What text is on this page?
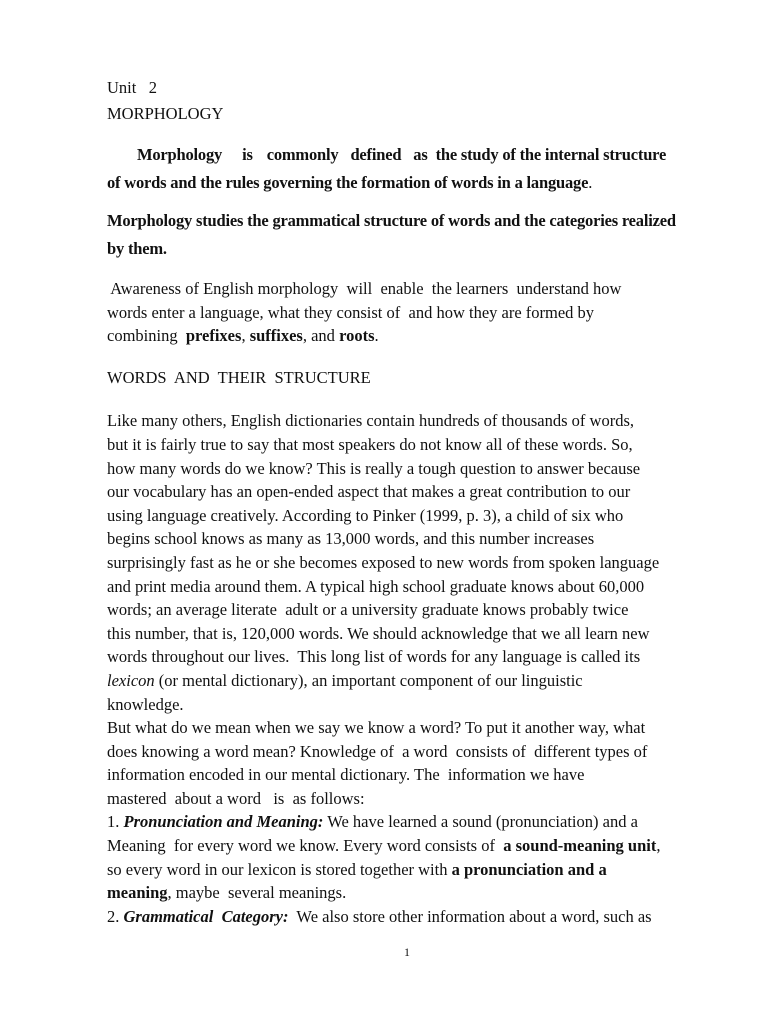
Unit   2
MORPHOLOGY
Morphology is commonly defined as the study of the internal structure
of words and the rules governing the formation of words in a language.
Morphology studies the grammatical structure of words and the categories realized
by them.
Awareness of English morphology  will  enable  the learners  understand how
words enter a language, what they consist of  and how they are formed by
combining  prefixes, suffixes, and roots.
WORDS  AND  THEIR  STRUCTURE
Like many others, English dictionaries contain hundreds of thousands of words,
but it is fairly true to say that most speakers do not know all of these words. So,
how many words do we know? This is really a tough question to answer because
our vocabulary has an open-ended aspect that makes a great contribution to our
using language creatively. According to Pinker (1999, p. 3), a child of six who
begins school knows as many as 13,000 words, and this number increases
surprisingly fast as he or she becomes exposed to new words from spoken language
and print media around them. A typical high school graduate knows about 60,000
words; an average literate  adult or a university graduate knows probably twice
this number, that is, 120,000 words. We should acknowledge that we all learn new
words throughout our lives.  This long list of words for any language is called its
lexicon (or mental dictionary), an important component of our linguistic
knowledge.
But what do we mean when we say we know a word? To put it another way, what
does knowing a word mean? Knowledge of  a word  consists of  different types of
information encoded in our mental dictionary. The  information we have
mastered  about a word   is  as follows:
1. Pronunciation and Meaning: We have learned a sound (pronunciation) and a
Meaning  for every word we know. Every word consists of  a sound-meaning unit,
so every word in our lexicon is stored together with a pronunciation and a
meaning, maybe  several meanings.
2. Grammatical  Category:  We also store other information about a word, such as
1
